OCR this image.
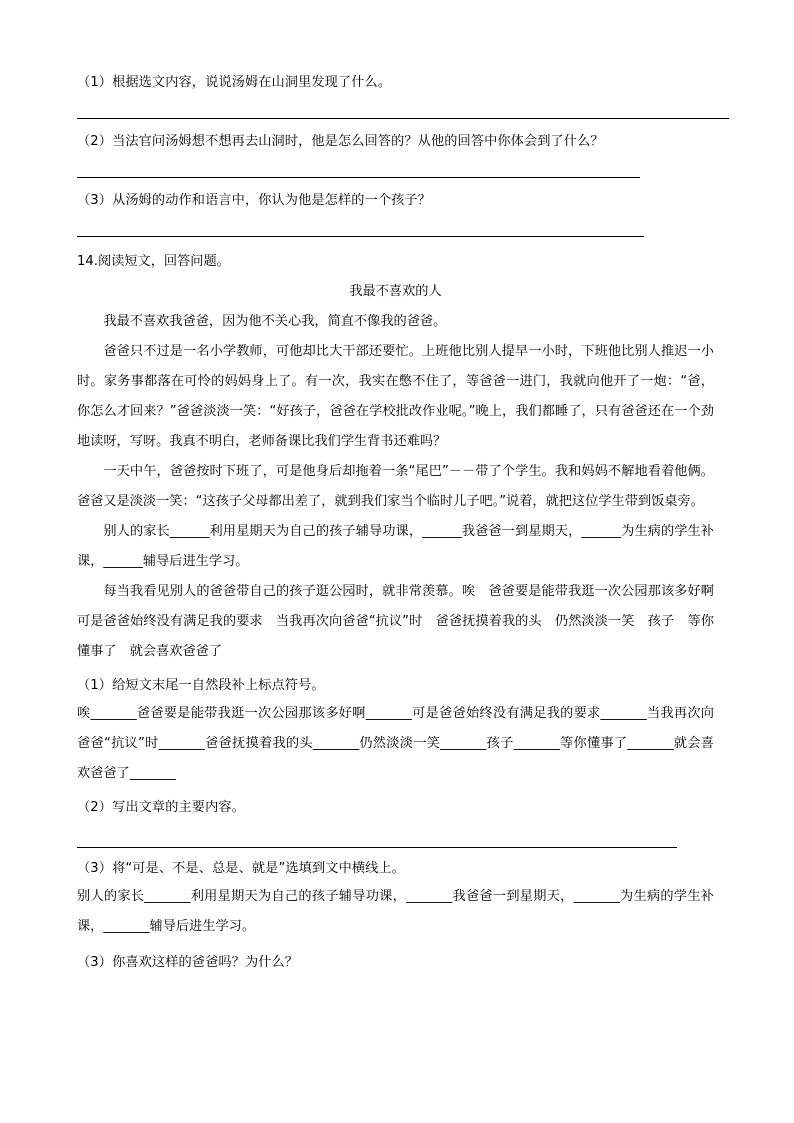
（1）根据选文内容，说说汤姆在山洞里发现了什么。
（2）当法官问汤姆想不想再去山洞时，他是怎么回答的？从他的回答中你体会到了什么？
（3）从汤姆的动作和语言中，你认为他是怎样的一个孩子？
14.阅读短文，回答问题。
我最不喜欢的人
我最不喜欢我爸爸，因为他不关心我，简直不像我的爸爸。
爸爸只不过是一名小学教师，可他却比大干部还要忙。上班他比别人提早一小时，下班他比别人推迟一小时。家务事都落在可怜的妈妈身上了。有一次，我实在憋不住了，等爸爸一进门，我就向他开了一炮：“爸，你怎么才回来？”爸爸淡淡一笑：“好孩子，爸爸在学校批改作业呢。”晚上，我们都睡了，只有爸爸还在一个劲地读呀，写呀。我真不明白，老师备课比我们学生背书还难吗？
一天中午，爸爸按时下班了，可是他身后却拖着一条“尾巴”－－带了个学生。我和妈妈不解地看着他俩。爸爸又是淡淡一笑：“这孩子父母都出差了，就到我们家当个临时儿子吧。”说着，就把这位学生带到饭桌旁。
别人的家长______利用星期天为自己的孩子辅导功课，______我爸爸一到星期天，______为生病的学生补课，______辅导后进生学习。
每当我看见别人的爸爸带自己的孩子逛公园时，就非常羡慕。唉　爸爸要是能带我逛一次公园那该多好啊　可是爸爸始终没有满足我的要求　当我再次向爸爸“抗议”时　爸爸抚摸着我的头　仍然淡淡一笑　孩子　等你懂事了　就会喜欢爸爸了
（1）给短文末尾一自然段补上标点符号。
唉_______爸爸要是能带我逛一次公园那该多好啊_______可是爸爸始终没有满足我的要求_______当我再次向爸爸“抗议”时_______爸爸抚摸着我的头_______仍然淡淡一笑_______孩子_______等你懂事了_______就会喜欢爸爸了_______
（2）写出文章的主要内容。
（3）将“可是、不是、总是、就是”选填到文中横线上。
别人的家长_______利用星期天为自己的孩子辅导功课，_______我爸爸一到星期天，_______为生病的学生补课，_______辅导后进生学习。
（3）你喜欢这样的爸爸吗？为什么？
